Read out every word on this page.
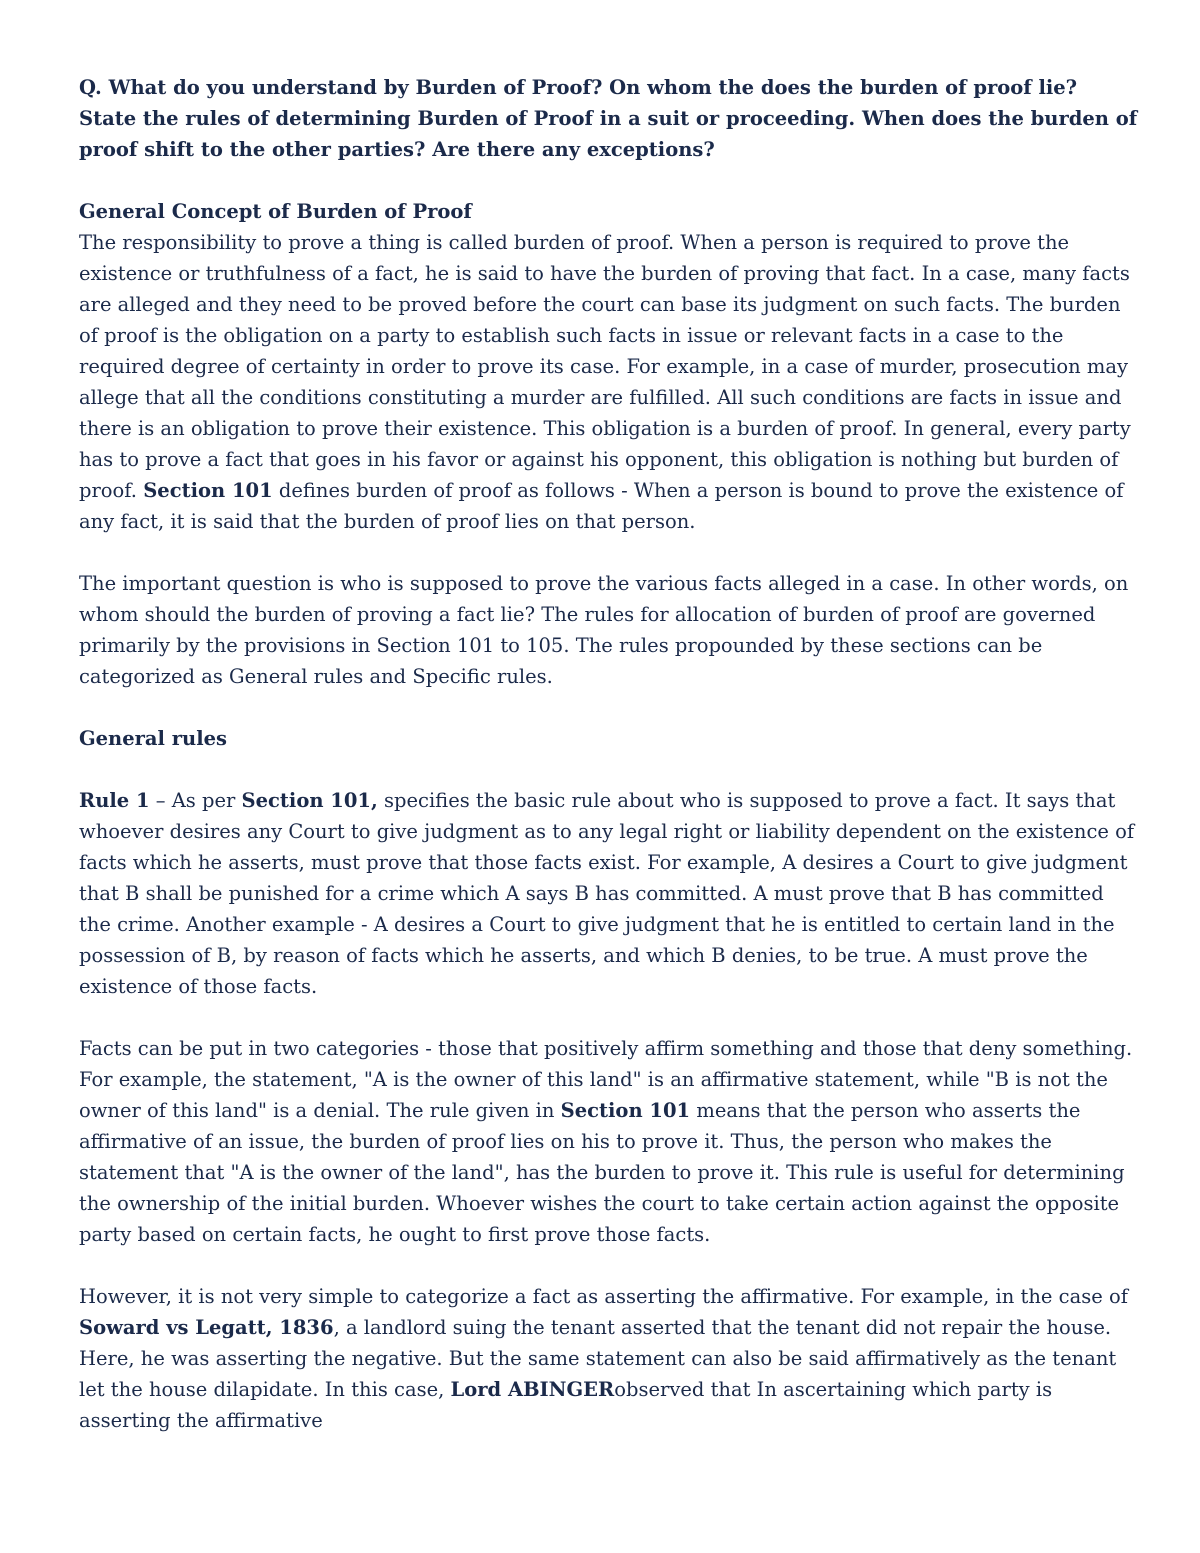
Q. What do you understand by Burden of Proof? On whom the does the burden of proof lie? State the rules of determining Burden of Proof in a suit or proceeding. When does the burden of proof shift to the other parties? Are there any exceptions?

General Concept of Burden of Proof

The responsibility to prove a thing is called burden of proof. When a person is required to prove the existence or truthfulness of a fact, he is said to have the burden of proving that fact. In a case, many facts are alleged and they need to be proved before the court can base its judgment on such facts. The burden of proof is the obligation on a party to establish such facts in issue or relevant facts in a case to the required degree of certainty in order to prove its case. For example, in a case of murder, prosecution may allege that all the conditions constituting a murder are fulfilled. All such conditions are facts in issue and there is an obligation to prove their existence. This obligation is a burden of proof. In general, every party has to prove a fact that goes in his favor or against his opponent, this obligation is nothing but burden of proof. Section 101 defines burden of proof as follows - When a person is bound to prove the existence of any fact, it is said that the burden of proof lies on that person.

The important question is who is supposed to prove the various facts alleged in a case. In other words, on whom should the burden of proving a fact lie? The rules for allocation of burden of proof are governed primarily by the provisions in Section 101 to 105. The rules propounded by these sections can be categorized as General rules and Specific rules.

General rules

Rule 1 – As per Section 101, specifies the basic rule about who is supposed to prove a fact. It says that whoever desires any Court to give judgment as to any legal right or liability dependent on the existence of facts which he asserts, must prove that those facts exist. For example, A desires a Court to give judgment that B shall be punished for a crime which A says B has committed. A must prove that B has committed the crime. Another example - A desires a Court to give judgment that he is entitled to certain land in the possession of B, by reason of facts which he asserts, and which B denies, to be true. A must prove the existence of those facts.

Facts can be put in two categories - those that positively affirm something and those that deny something. For example, the statement, "A is the owner of this land" is an affirmative statement, while "B is not the owner of this land" is a denial. The rule given in Section 101 means that the person who asserts the affirmative of an issue, the burden of proof lies on his to prove it. Thus, the person who makes the statement that "A is the owner of the land", has the burden to prove it. This rule is useful for determining the ownership of the initial burden. Whoever wishes the court to take certain action against the opposite party based on certain facts, he ought to first prove those facts.

However, it is not very simple to categorize a fact as asserting the affirmative. For example, in the case of Soward vs Legatt, 1836, a landlord suing the tenant asserted that the tenant did not repair the house. Here, he was asserting the negative. But the same statement can also be said affirmatively as the tenant let the house dilapidate. In this case, Lord ABINGERobserved that In ascertaining which party is asserting the affirmative
